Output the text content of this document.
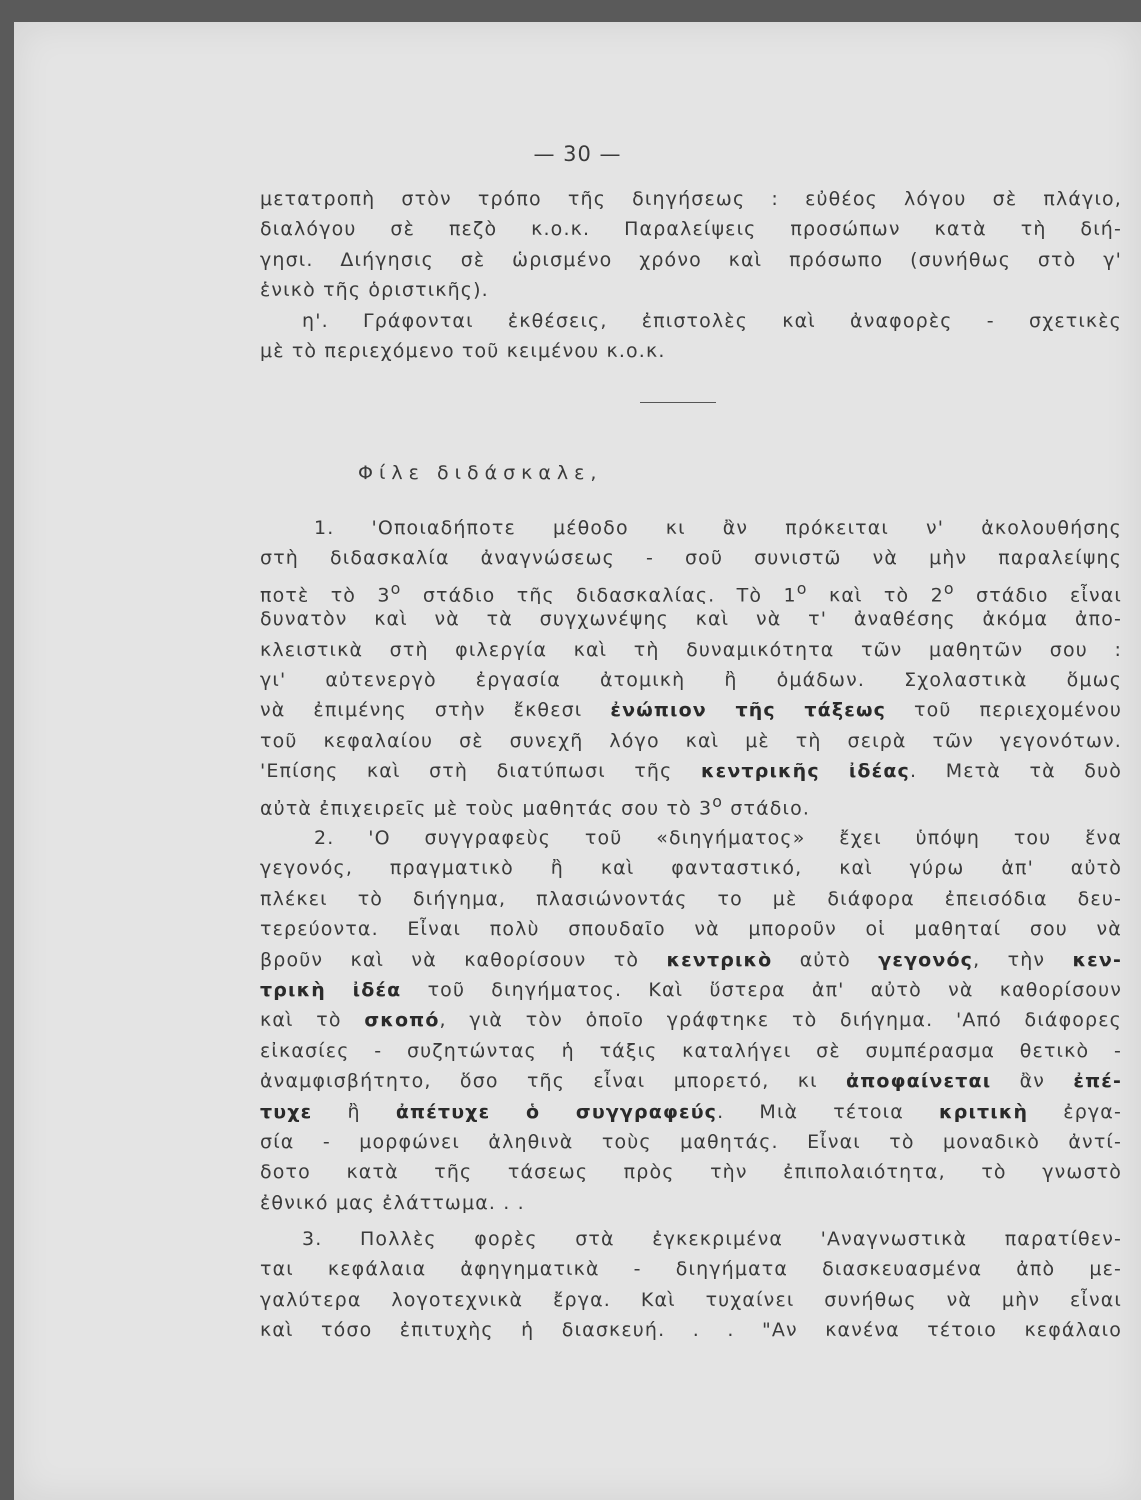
— 30 —
μετατροπὴ στὸν τρόπο τῆς διηγήσεως : εὐθέος λόγου σὲ πλάγιο,
διαλόγου σὲ πεζὸ κ.ο.κ. Παραλείψεις προσώπων κατὰ τὴ διή-
γησι. Διήγησις σὲ ὡρισμένο χρόνο καὶ πρόσωπο (συνήθως στὸ γ'
ἑνικὸ τῆς ὁριστικῆς).
η'. Γράφονται ἐκθέσεις, ἐπιστολὲς καὶ ἀναφορὲς - σχετικὲς
μὲ τὸ περιεχόμενο τοῦ κειμένου κ.ο.κ.
Φίλε διδάσκαλε,
1. 'Οποιαδήποτε μέθοδο κι ἂν πρόκειται ν' ἀκολουθήσης
στὴ διδασκαλία ἀναγνώσεως - σοῦ συνιστῶ νὰ μὴν παραλείψης
ποτὲ τὸ $3^o$ στάδιο τῆς διδασκαλίας. Τὸ $1^o$ καὶ τὸ $2^o$ στάδιο εἶναι
δυνατὸν καὶ νὰ τὰ συγχωνέψης καὶ νὰ τ' ἀναθέσης ἀκόμα ἀπο-
κλειστικὰ στὴ φιλεργία καὶ τὴ δυναμικότητα τῶν μαθητῶν σου :
γι' αὐτενεργὸ ἐργασία ἀτομικὴ ἢ ὁμάδων. Σχολαστικὰ ὅμως
νὰ ἐπιμένης στὴν ἔκθεσι ἐνώπιον τῆς τάξεως τοῦ περιεχομένου
τοῦ κεφαλαίου σὲ συνεχῆ λόγο καὶ μὲ τὴ σειρὰ τῶν γεγονότων.
'Επίσης καὶ στὴ διατύπωσι τῆς κεντρικῆς ἰδέας. Μετὰ τὰ δυὸ
αὐτὰ ἐπιχειρεῖς μὲ τοὺς μαθητάς σου τὸ $3^o$ στάδιο.
2. 'Ο συγγραφεὺς τοῦ «διηγήματος» ἔχει ὑπόψη του ἕνα
γεγονός, πραγματικὸ ἢ καὶ φανταστικό, καὶ γύρω ἀπ' αὐτὸ
πλέκει τὸ διήγημα, πλασιώνοντάς το μὲ διάφορα ἐπεισόδια δευ-
τερεύοντα. Εἶναι πολὺ σπουδαῖο νὰ μποροῦν οἱ μαθηταί σου νὰ
βροῦν καὶ νὰ καθορίσουν τὸ κεντρικὸ αὐτὸ γεγονός, τὴν κεν-
τρικὴ ἰδέα τοῦ διηγήματος. Καὶ ὕστερα ἀπ' αὐτὸ νὰ καθορίσουν
καὶ τὸ σκοπό, γιὰ τὸν ὁποῖο γράφτηκε τὸ διήγημα. 'Από διάφορες
εἰκασίες - συζητώντας ἡ τάξις καταλήγει σὲ συμπέρασμα θετικὸ -
ἀναμφισβήτητο, ὅσο τῆς εἶναι μπορετό, κι ἀποφαίνεται ἂν ἐπέ-
τυχε ἢ ἀπέτυχε ὁ συγγραφεύς. Μιὰ τέτοια κριτικὴ ἐργα-
σία - μορφώνει ἀληθινὰ τοὺς μαθητάς. Εἶναι τὸ μοναδικὸ ἀντί-
δοτο κατὰ τῆς τάσεως πρὸς τὴν ἐπιπολαιότητα, τὸ γνωστὸ
ἐθνικό μας ἐλάττωμα. . .
3. Πολλὲς φορὲς στὰ ἐγκεκριμένα 'Αναγνωστικὰ παρατίθεν-
ται κεφάλαια ἀφηγηματικὰ - διηγήματα διασκευασμένα ἀπὸ με-
γαλύτερα λογοτεχνικὰ ἔργα. Καὶ τυχαίνει συνήθως νὰ μὴν εἶναι
καὶ τόσο ἐπιτυχὴς ἡ διασκευή. . . "Αν κανένα τέτοιο κεφάλαιο
